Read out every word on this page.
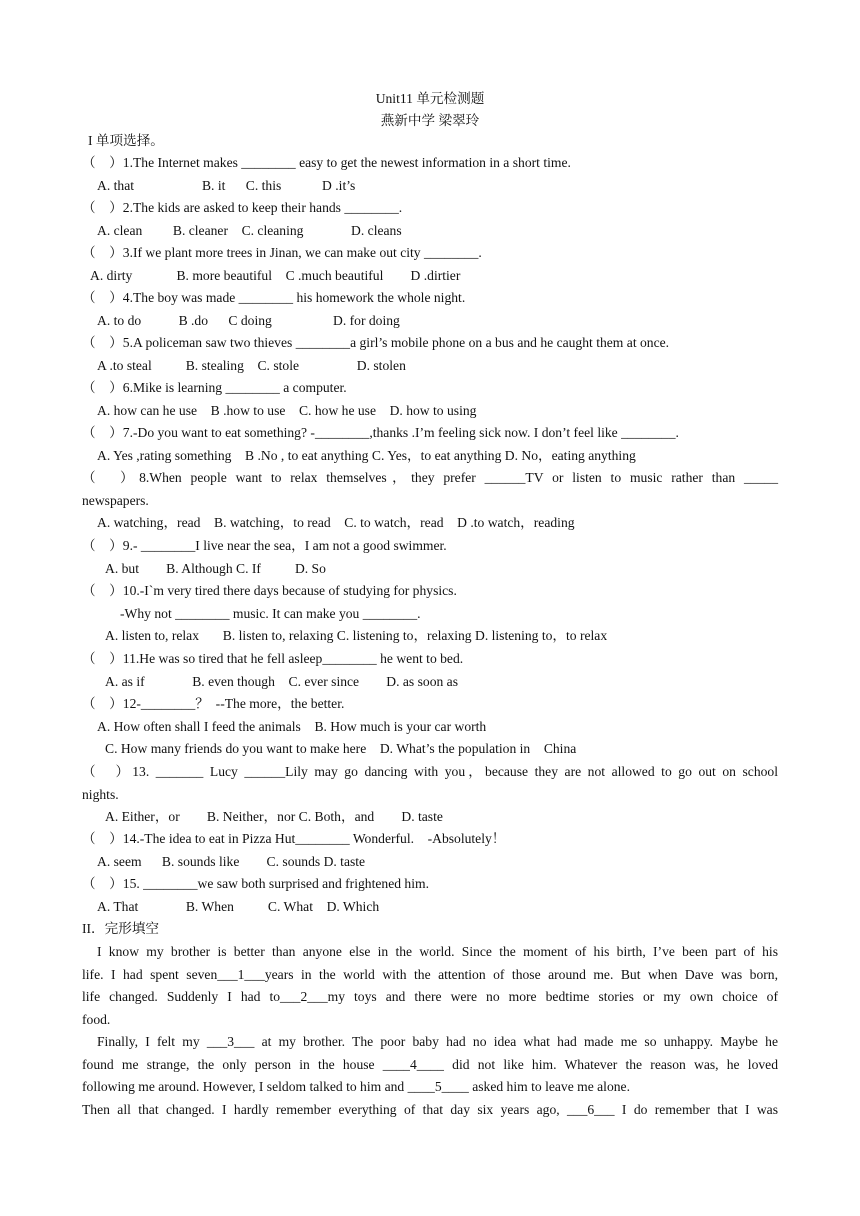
Unit11 单元检测题
燕新中学 梁翠玲
I 单项选择。
（　）1.The Internet makes ________ easy to get the newest information in a short time.
A. that                    B. it      C. this            D .it’s
（　）2.The kids are asked to keep their hands ________.
A. clean         B. cleaner    C. cleaning              D. cleans
（　）3.If we plant more trees in Jinan, we can make out city ________.
A. dirty             B. more beautiful    C .much beautiful        D .dirtier
（　）4.The boy was made ________ his homework the whole night.
A. to do           B .do      C doing                  D. for doing
（　）5.A policeman saw two thieves ________a girl’s mobile phone on a bus and he caught them at once.
A .to steal          B. stealing    C. stole                 D. stolen
（　）6.Mike is learning ________ a computer.
A. how can he use    B .how to use    C. how he use    D. how to using
（　）7.-Do you want to eat something? -________,thanks .I’m feeling sick now. I don’t feel like ________.
A. Yes ,rating something    B .No , to eat anything C. Yes，to eat anything D. No，eating anything
（　）8.When people want to relax themselves，they prefer ______TV or listen to music rather than _____
newspapers.
A. watching，read    B. watching，to read    C. to watch，read    D .to watch，reading
（　）9.- ________I live near the sea，I am not a good swimmer.
A. but        B. Although C. If          D. So
（　）10.-I`m very tired there days because of studying for physics.
-Why not ________ music. It can make you ________.
A. listen to, relax       B. listen to, relaxing C. listening to，relaxing D. listening to，to relax
（　）11.He was so tired that he fell asleep________ he went to bed.
A. as if              B. even though    C. ever since        D. as soon as
（　）12-________？  --The more，the better.
A. How often shall I feed the animals    B. How much is your car worth
C. How many friends do you want to make here    D. What’s the population in    China
（　）13. _______ Lucy ______Lily may go dancing with you，because they are not allowed to go out on school
nights.
A. Either，or        B. Neither，nor C. Both，and        D. taste
（　）14.-The idea to eat in Pizza Hut________ Wonderful.    -Absolutely！
A. seem      B. sounds like        C. sounds D. taste
（　）15. ________we saw both surprised and frightened him.
A. That              B. When          C. What    D. Which
II．完形填空
I know my brother is better than anyone else in the world. Since the moment of his birth, I’ve been part of his
life. I had spent seven___1___years in the world with the attention of those around me. But when Dave was born,
life changed. Suddenly I had to___2___my toys and there were no more bedtime stories or my own choice of
food.
Finally, I felt my ___3___ at my brother. The poor baby had no idea what had made me so unhappy. Maybe he
found me strange, the only person in the house ____4____ did not like him. Whatever the reason was, he loved
following me around. However, I seldom talked to him and ____5____ asked him to leave me alone.
Then all that changed. I hardly remember everything of that day six years ago, ___6___ I do remember that I was
